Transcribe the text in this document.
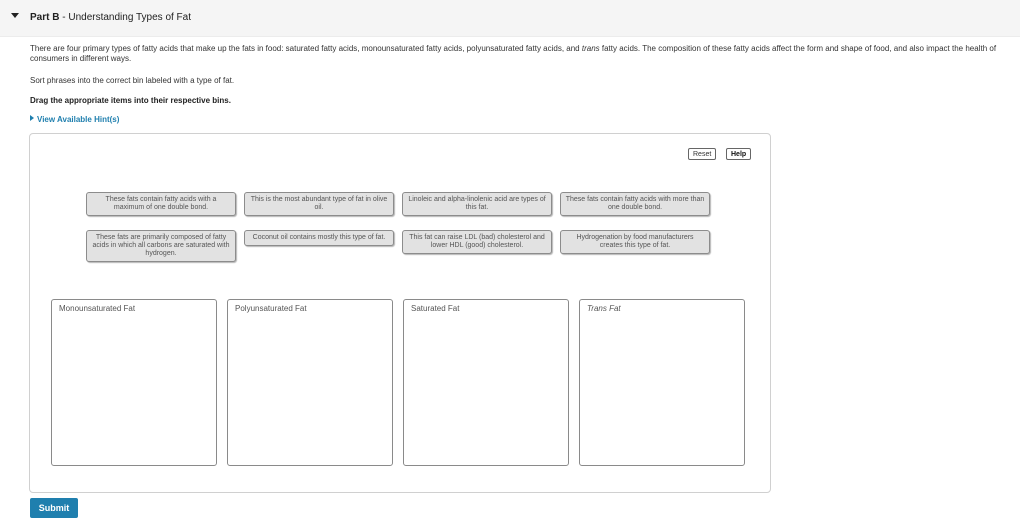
Part B - Understanding Types of Fat
There are four primary types of fatty acids that make up the fats in food: saturated fatty acids, monounsaturated fatty acids, polyunsaturated fatty acids, and trans fatty acids. The composition of these fatty acids affect the form and shape of food, and also impact the health of consumers in different ways.
Sort phrases into the correct bin labeled with a type of fat.
Drag the appropriate items into their respective bins.
View Available Hint(s)
Reset	Help
These fats contain fatty acids with a maximum of one double bond.
This is the most abundant type of fat in olive oil.
Linoleic and alpha-linolenic acid are types of this fat.
These fats contain fatty acids with more than one double bond.
These fats are primarily composed of fatty acids in which all carbons are saturated with hydrogen.
Coconut oil contains mostly this type of fat.	This fat can raise LDL (bad) cholesterol and lower HDL (good) cholesterol.
Hydrogenation by food manufacturers creates this type of fat.
Monounsaturated Fat	Polyunsaturated Fat	Saturated Fat	Trans Fat
Submit
